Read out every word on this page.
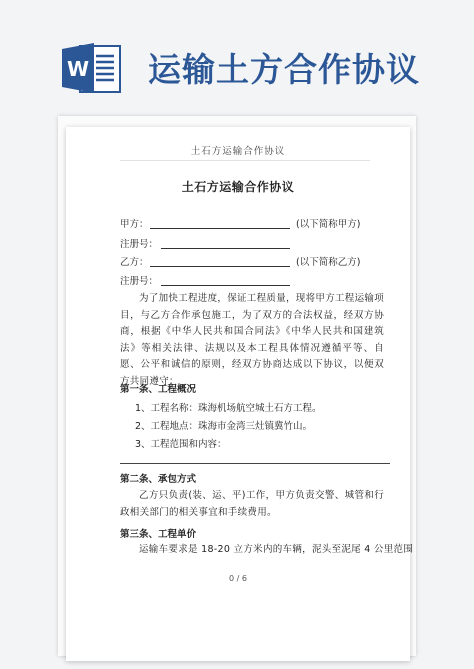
W 运输土方合作协议
土石方运输合作协议
土石方运输合作协议
甲方：	(以下简称甲方)
注册号：
乙方：	(以下简称乙方)
注册号：
为了加快工程进度，保证工程质量，现将甲方工程运输项目，与乙方合作承包施工，为了双方的合法权益，经双方协商，根据《中华人民共和国合同法》《中华人民共和国建筑法》等相关法律、法规以及本工程具体情况遵循平等、自愿、公平和诚信的原则，经双方协商达成以下协议，以便双方共同遵守：
第一条、工程概况
1、工程名称：珠海机场航空城土石方工程。
2、工程地点：珠海市金湾三灶镇冀竹山。
3、工程范围和内容：
第二条、承包方式
乙方只负责(装、运、平)工作，甲方负责交警、城管和行政相关部门的相关事宜和手续费用。
第三条、工程单价
运输车要求是 18-20 立方米内的车辆，泥头至泥尾 4 公里范围
0 / 6
